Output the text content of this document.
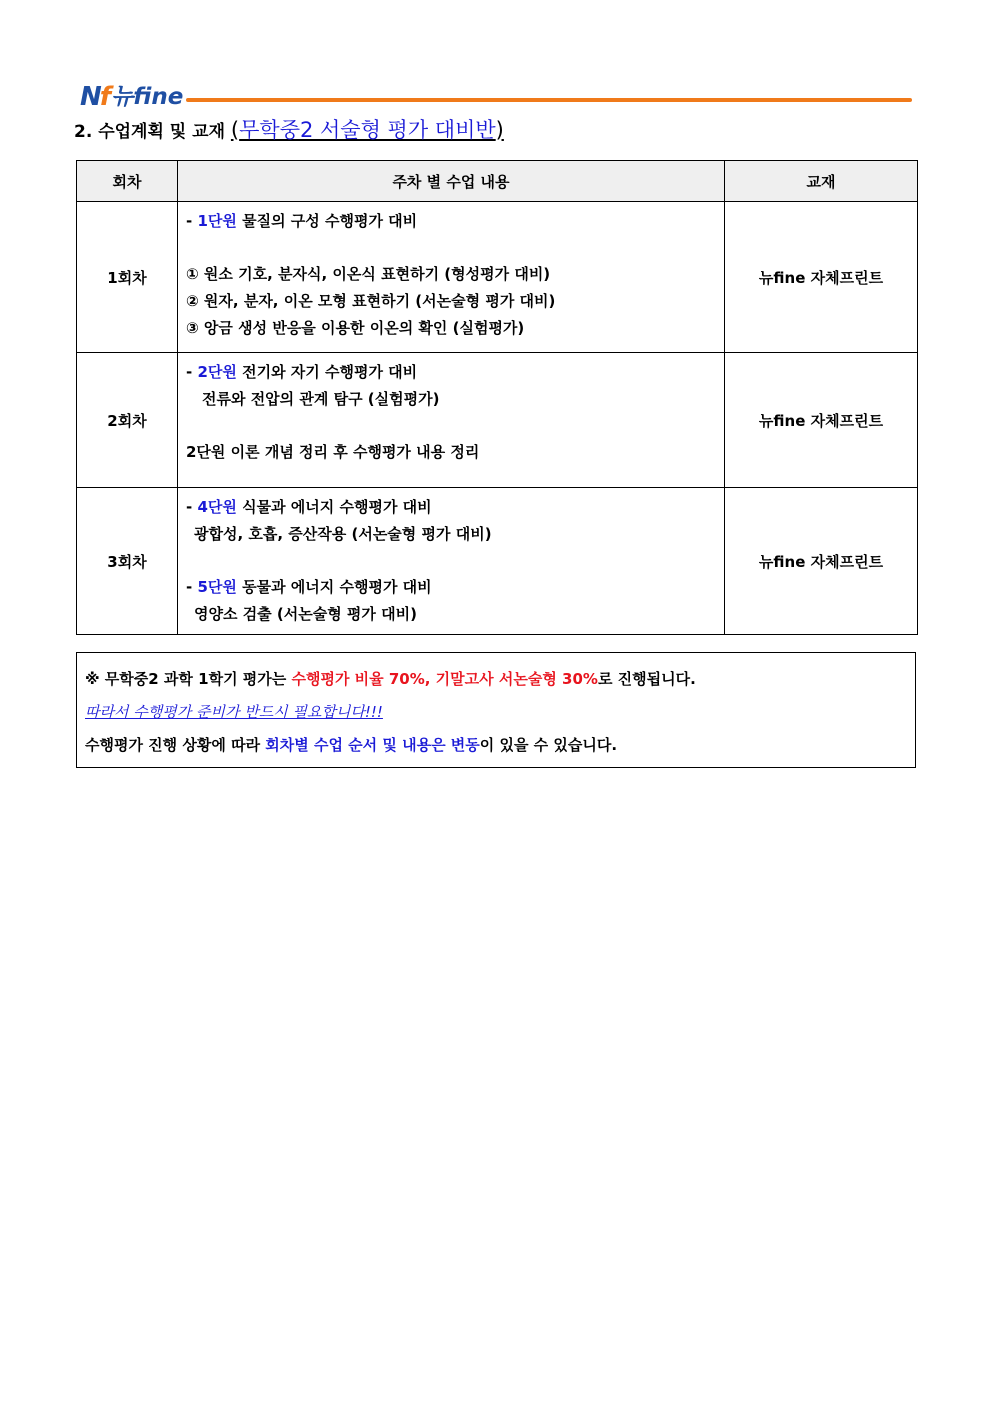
Nf 뉴fine
2. 수업계획 및 교재 (무학중2 서술형 평가 대비반)
회차	주차 별 수업 내용	교재
1회차	- 1단원 물질의 구성 수행평가 대비
① 원소 기호, 분자식, 이온식 표현하기 (형성평가 대비)
② 원자, 분자, 이온 모형 표현하기 (서논술형 평가 대비)
③ 앙금 생성 반응을 이용한 이온의 확인 (실험평가)	뉴fine 자체프린트
2회차	- 2단원 전기와 자기 수행평가 대비
전류와 전압의 관계 탐구 (실험평가)
2단원 이론 개념 정리 후 수행평가 내용 정리	뉴fine 자체프린트
3회차	- 4단원 식물과 에너지 수행평가 대비
광합성, 호흡, 증산작용 (서논술형 평가 대비)
- 5단원 동물과 에너지 수행평가 대비
영양소 검출 (서논술형 평가 대비)	뉴fine 자체프린트
※ 무학중2 과학 1학기 평가는 수행평가 비율 70%, 기말고사 서논술형 30%로 진행됩니다.
따라서 수행평가 준비가 반드시 필요합니다!!!
수행평가 진행 상황에 따라 회차별 수업 순서 및 내용은 변동이 있을 수 있습니다.
